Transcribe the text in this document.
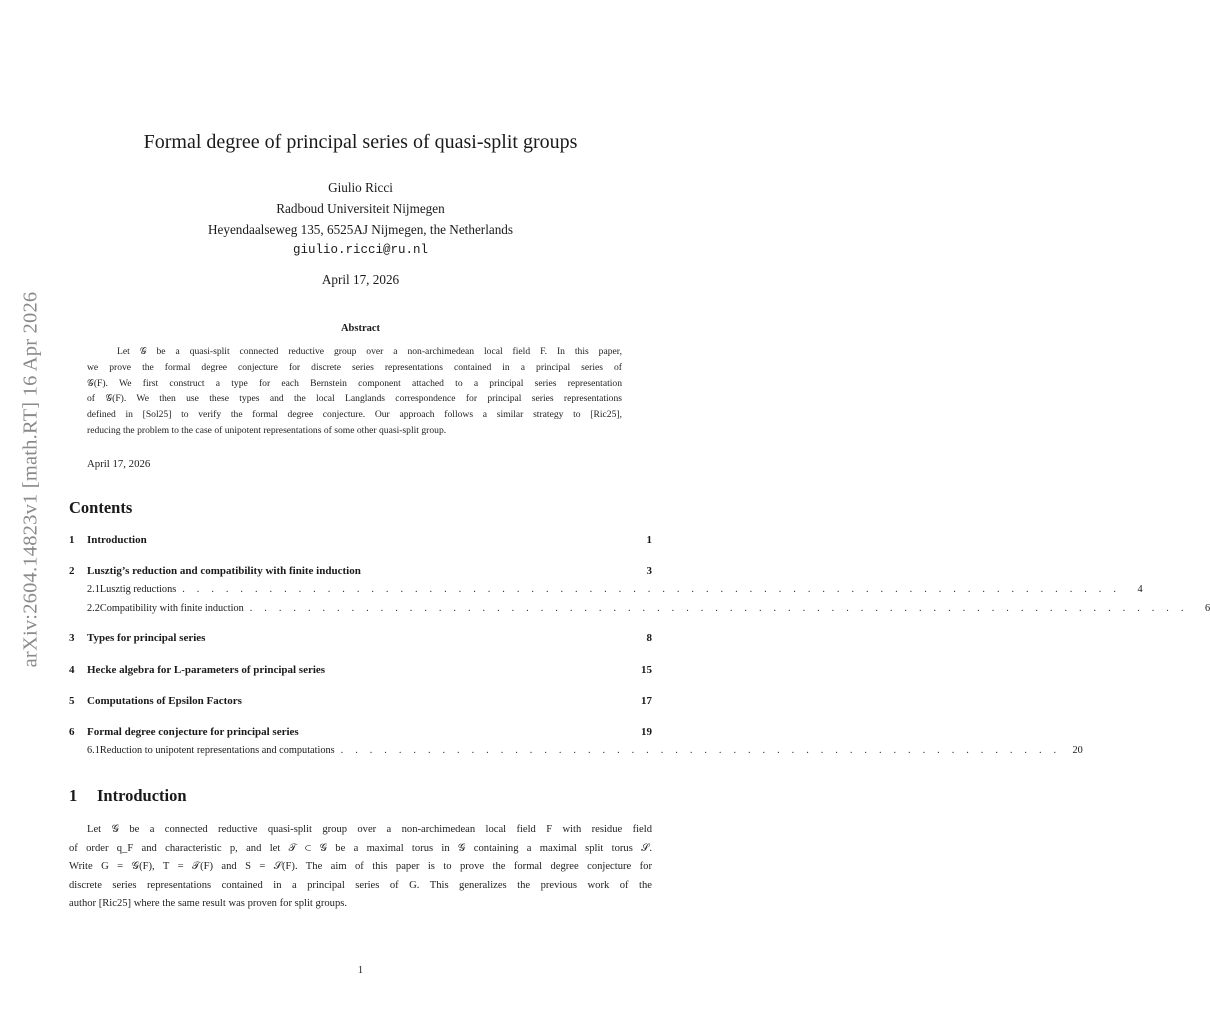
arXiv:2604.14823v1 [math.RT] 16 Apr 2026
Formal degree of principal series of quasi-split groups
Giulio Ricci
Radboud Universiteit Nijmegen
Heyendaalseweg 135, 6525AJ Nijmegen, the Netherlands
giulio.ricci@ru.nl
April 17, 2026
Abstract
Let 𝒢 be a quasi-split connected reductive group over a non-archimedean local field F. In this paper,
we prove the formal degree conjecture for discrete series representations contained in a principal series of
𝒢(F). We first construct a type for each Bernstein component attached to a principal series representation
of 𝒢(F). We then use these types and the local Langlands correspondence for principal series representations
defined in [Sol25] to verify the formal degree conjecture. Our approach follows a similar strategy to [Ric25],
reducing the problem to the case of unipotent representations of some other quasi-split group.
April 17, 2026
Contents
1	Introduction	1
2	Lusztig’s reduction and compatibility with finite induction	3
2.1 Lusztig reductions . . . . . . . . . . . . . . . . . . . . . . . . . . . . . . . . . . . . . . . . . . . . . . . . . . . . . . . . . . . . . . . . .	4
2.2 Compatibility with finite induction . . . . . . . . . . . . . . . . . . . . . . . . . . . . . . . . . . . . . . . . . . . . . . . . . . . . . . . . . . . . . . . . .	6
3	Types for principal series	8
4	Hecke algebra for L-parameters of principal series	15
5	Computations of Epsilon Factors	17
6	Formal degree conjecture for principal series	19
6.1 Reduction to unipotent representations and computations . . . . . . . . . . . . . . . . . . . . . . . . . . . . . . . . . . . . . . . . . . . . . . . . . .	20
1 Introduction
Let 𝒢 be a connected reductive quasi-split group over a non-archimedean local field F with residue field
of order q_F and characteristic p, and let 𝒯 ⊂ 𝒢 be a maximal torus in 𝒢 containing a maximal split torus 𝒮.
Write G = 𝒢(F), T = 𝒯(F) and S = 𝒮(F). The aim of this paper is to prove the formal degree conjecture for
discrete series representations contained in a principal series of G. This generalizes the previous work of the
author [Ric25] where the same result was proven for split groups.
1
